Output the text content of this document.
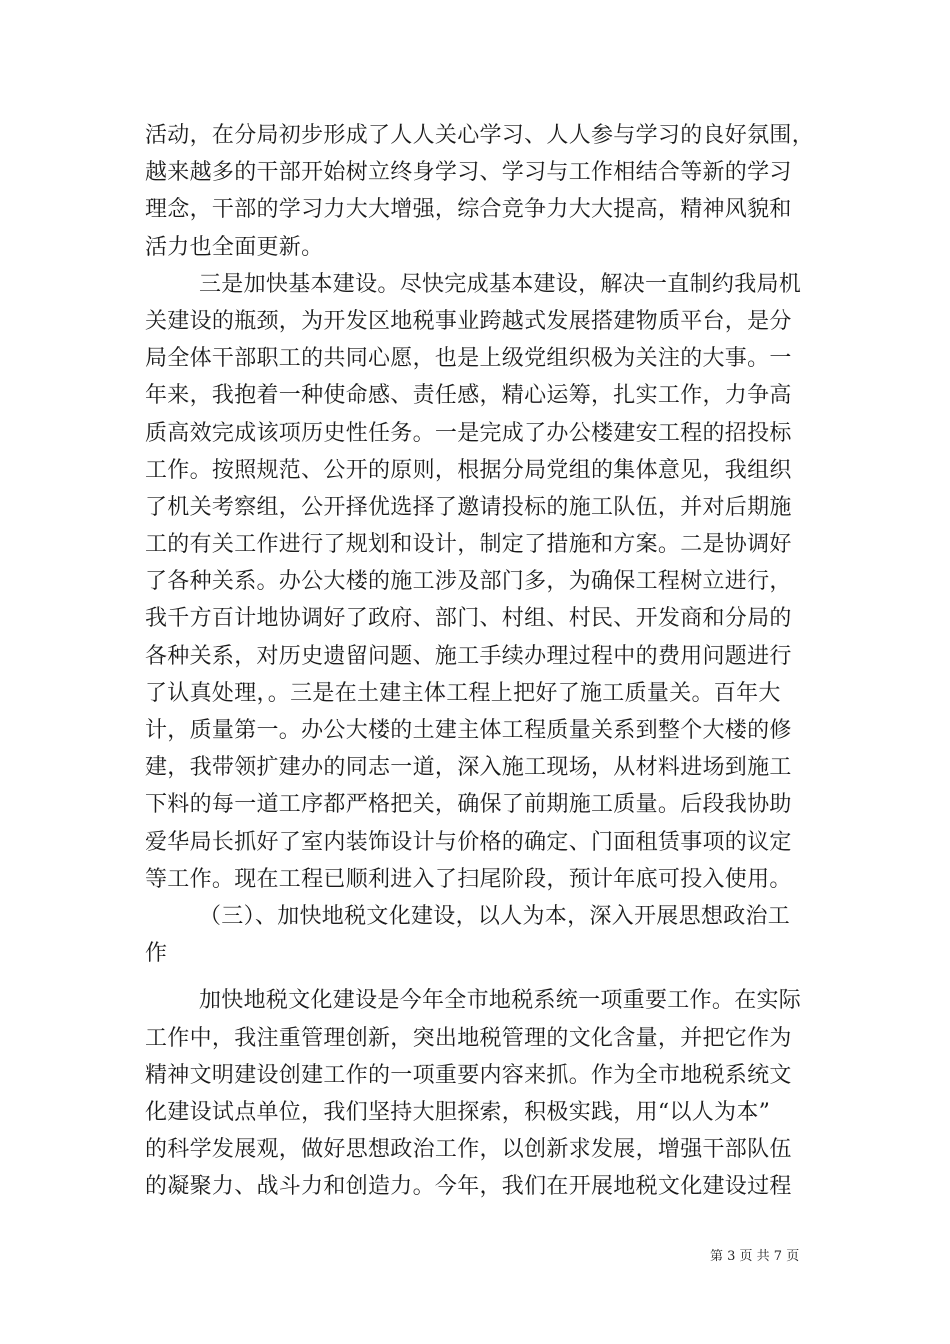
活动，在分局初步形成了人人关心学习、人人参与学习的良好氛围，
越来越多的干部开始树立终身学习、学习与工作相结合等新的学习
理念，干部的学习力大大增强，综合竞争力大大提高，精神风貌和
活力也全面更新。
三是加快基本建设。尽快完成基本建设，解决一直制约我局机
关建设的瓶颈，为开发区地税事业跨越式发展搭建物质平台，是分
局全体干部职工的共同心愿，也是上级党组织极为关注的大事。一
年来，我抱着一种使命感、责任感，精心运筹，扎实工作，力争高
质高效完成该项历史性任务。一是完成了办公楼建安工程的招投标
工作。按照规范、公开的原则，根据分局党组的集体意见，我组织
了机关考察组，公开择优选择了邀请投标的施工队伍，并对后期施
工的有关工作进行了规划和设计，制定了措施和方案。二是协调好
了各种关系。办公大楼的施工涉及部门多，为确保工程树立进行，
我千方百计地协调好了政府、部门、村组、村民、开发商和分局的
各种关系，对历史遗留问题、施工手续办理过程中的费用问题进行
了认真处理，。三是在土建主体工程上把好了施工质量关。百年大
计，质量第一。办公大楼的土建主体工程质量关系到整个大楼的修
建，我带领扩建办的同志一道，深入施工现场，从材料进场到施工
下料的每一道工序都严格把关，确保了前期施工质量。后段我协助
爱华局长抓好了室内装饰设计与价格的确定、门面租赁事项的议定
等工作。现在工程已顺利进入了扫尾阶段，预计年底可投入使用。
（三）、加快地税文化建设，以人为本，深入开展思想政治工
作
加快地税文化建设是今年全市地税系统一项重要工作。在实际
工作中，我注重管理创新，突出地税管理的文化含量，并把它作为
精神文明建设创建工作的一项重要内容来抓。作为全市地税系统文
化建设试点单位，我们坚持大胆探索，积极实践，用“以人为本”
的科学发展观，做好思想政治工作，以创新求发展，增强干部队伍
的凝聚力、战斗力和创造力。今年，我们在开展地税文化建设过程
第 3 页 共 7 页
